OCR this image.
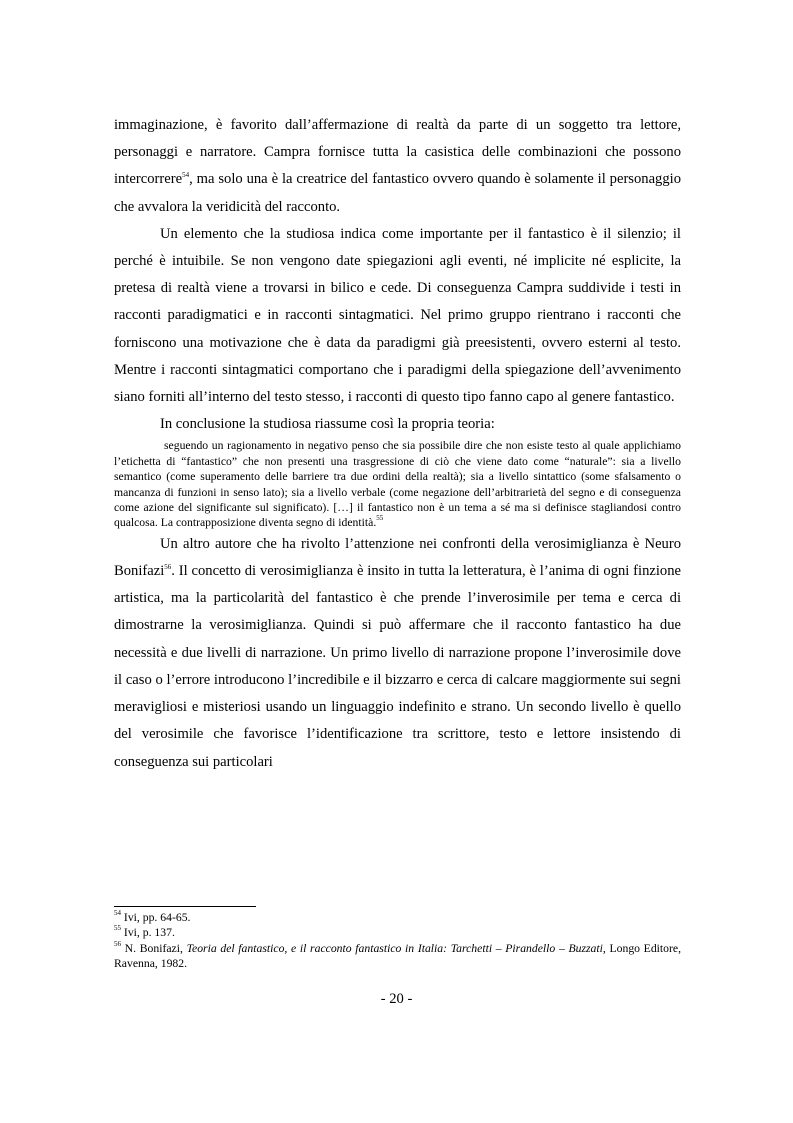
immaginazione, è favorito dall’affermazione di realtà da parte di un soggetto tra lettore, personaggi e narratore. Campra fornisce tutta la casistica delle combinazioni che possono intercorrere$^{54}$, ma solo una è la creatrice del fantastico ovvero quando è solamente il personaggio che avvalora la veridicità del racconto.

Un elemento che la studiosa indica come importante per il fantastico è il silenzio; il perché è intuibile. Se non vengono date spiegazioni agli eventi, né implicite né esplicite, la pretesa di realtà viene a trovarsi in bilico e cede. Di conseguenza Campra suddivide i testi in racconti paradigmatici e in racconti sintagmatici. Nel primo gruppo rientrano i racconti che forniscono una motivazione che è data da paradigmi già preesistenti, ovvero esterni al testo. Mentre i racconti sintagmatici comportano che i paradigmi della spiegazione dell’avvenimento siano forniti all’interno del testo stesso, i racconti di questo tipo fanno capo al genere fantastico.

In conclusione la studiosa riassume così la propria teoria:

seguendo un ragionamento in negativo penso che sia possibile dire che non esiste testo al quale applichiamo l’etichetta di “fantastico” che non presenti una trasgressione di ciò che viene dato come “naturale”: sia a livello semantico (come superamento delle barriere tra due ordini della realtà); sia a livello sintattico (some sfalsamento o mancanza di funzioni in senso lato); sia a livello verbale (come negazione dell’arbitrarietà del segno e di conseguenza come azione del significante sul significato). […] il fantastico non è un tema a sé ma si definisce stagliandosi contro qualcosa. La contrapposizione diventa segno di identità.$^{55}$

Un altro autore che ha rivolto l’attenzione nei confronti della verosimiglianza è Neuro Bonifazi$^{56}$. Il concetto di verosimiglianza è insito in tutta la letteratura, è l’anima di ogni finzione artistica, ma la particolarità del fantastico è che prende l’inverosimile per tema e cerca di dimostrarne la verosimiglianza. Quindi si può affermare che il racconto fantastico ha due necessità e due livelli di narrazione. Un primo livello di narrazione propone l’inverosimile dove il caso o l’errore introducono l’incredibile e il bizzarro e cerca di calcare maggiormente sui segni meravigliosi e misteriosi usando un linguaggio indefinito e strano. Un secondo livello è quello del verosimile che favorisce l’identificazione tra scrittore, testo e lettore insistendo di conseguenza sui particolari

$^{54}$ Ivi, pp. 64-65.

$^{55}$ Ivi, p. 137.

$^{56}$ N. Bonifazi, Teoria del fantastico, e il racconto fantastico in Italia: Tarchetti – Pirandello – Buzzati, Longo Editore, Ravenna, 1982.

- 20 -
